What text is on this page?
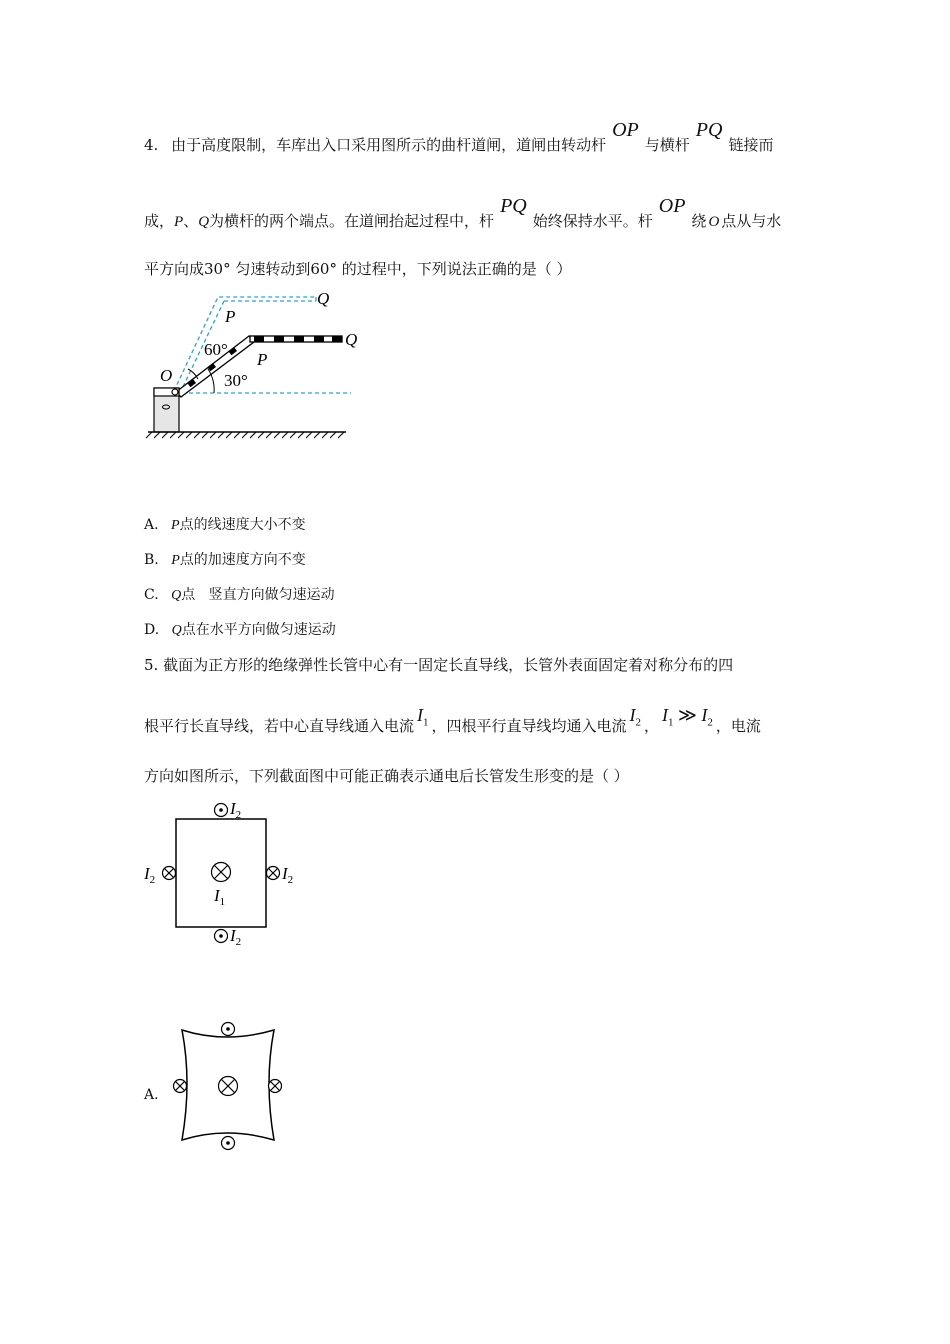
4. 由于高度限制，车库出入口采用图所示的曲杆道闸，道闸由转动杆OP与横杆PQ链接而
成，P、Q为横杆的两个端点。在道闸抬起过程中，杆PQ始终保持水平。杆OP绕 O 点从与水
平方向成30° 匀速转动到60° 的过程中，下列说法正确的是（ ）
Q
P
Q
60°
P
O	30°
A. P点的线速度大小不变
B. P点的加速度方向不变
C. Q点   竖直方向做匀速运动
D. Q点在水平方向做匀速运动
5. 截面为正方形的绝缘弹性长管中心有一固定长直导线，长管外表面固定着对称分布的四
根平行长直导线，若中心直导线通入电流$I_1$ ，四根平行直导线均通入电流$I_2$ ，$I_1$ ≫ $I_2$ ，电流
方向如图所示，下列截面图中可能正确表示通电后长管发生形变的是（ ）
$I_2$
$I_2$
$I_2$	$I_2$
$I_1$
A.
